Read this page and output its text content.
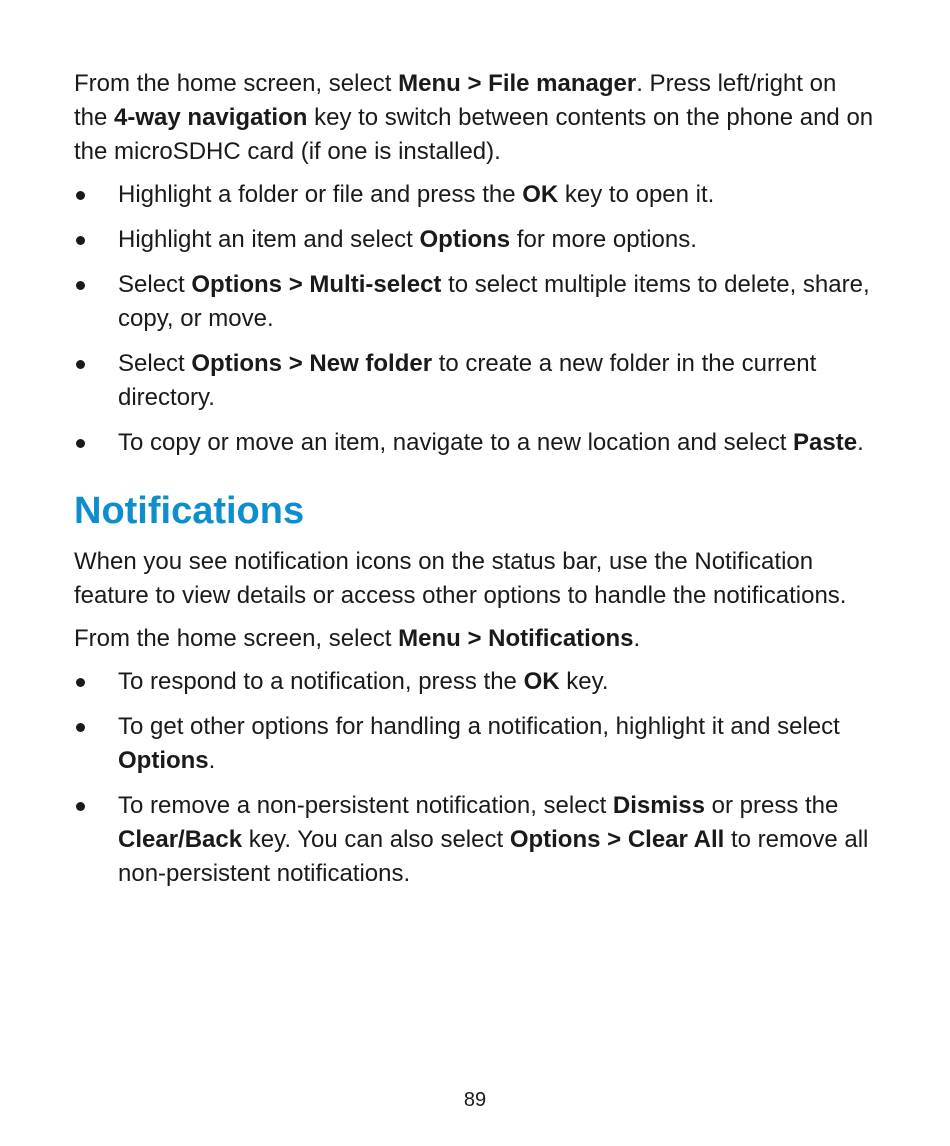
From the home screen, select Menu > File manager. Press left/right on the 4-way navigation key to switch between contents on the phone and on the microSDHC card (if one is installed).

Highlight a folder or file and press the OK key to open it.
Highlight an item and select Options for more options.
Select Options > Multi-select to select multiple items to delete, share, copy, or move.
Select Options > New folder to create a new folder in the current directory.
To copy or move an item, navigate to a new location and select Paste.
Notifications

When you see notification icons on the status bar, use the Notification feature to view details or access other options to handle the notifications.

From the home screen, select Menu > Notifications.

To respond to a notification, press the OK key.
To get other options for handling a notification, highlight it and select Options.
To remove a non-persistent notification, select Dismiss or press the Clear/Back key. You can also select Options > Clear All to remove all non-persistent notifications.
89
